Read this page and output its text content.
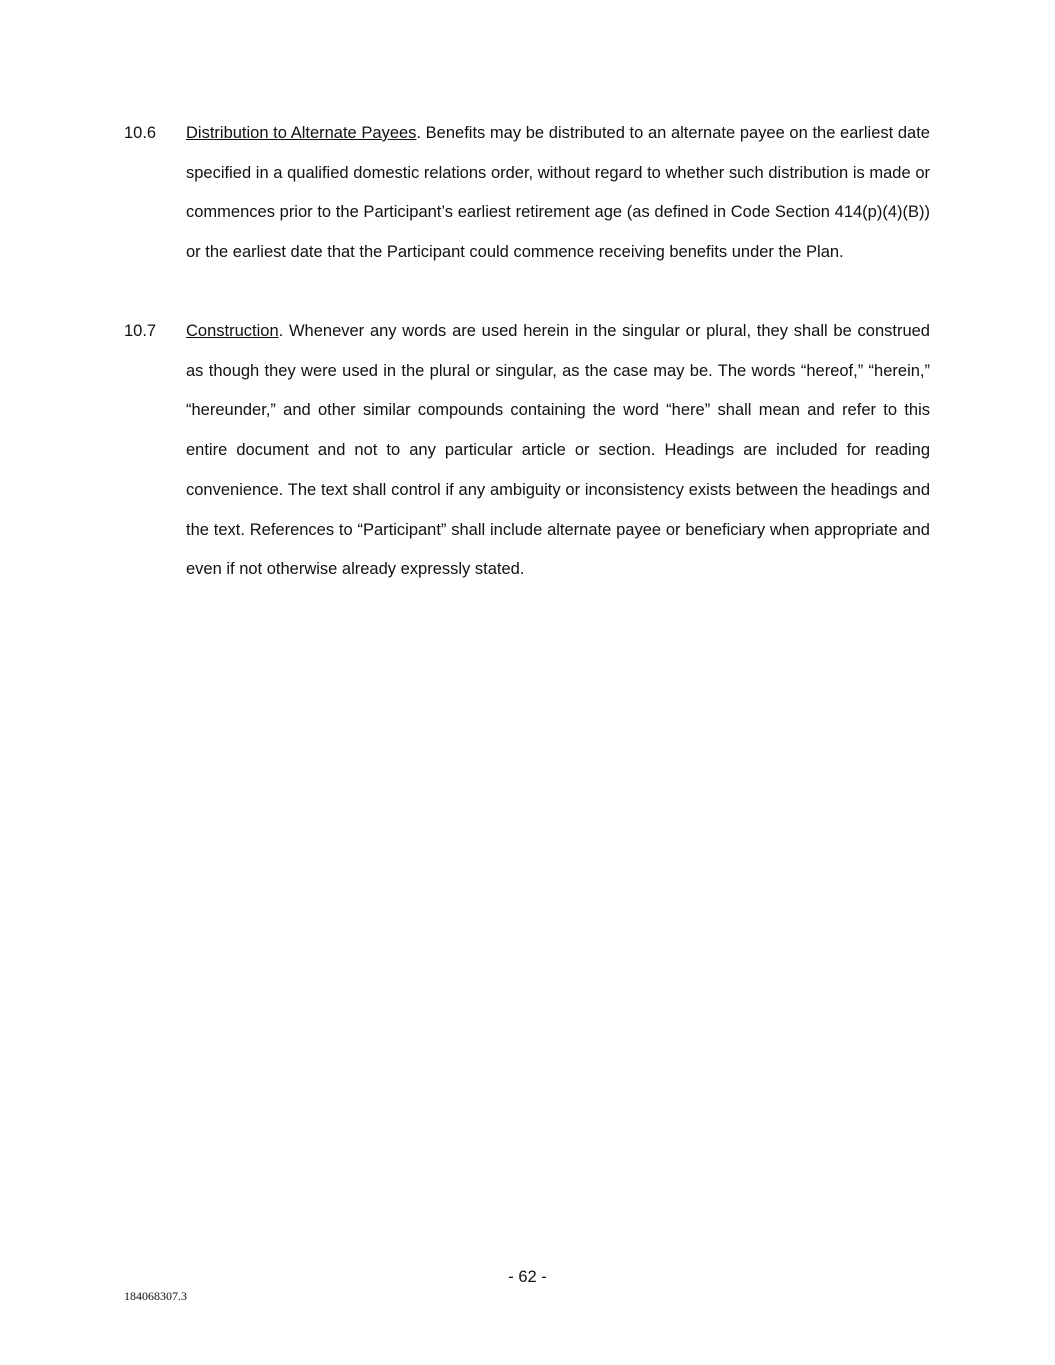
10.6 Distribution to Alternate Payees. Benefits may be distributed to an alternate payee on the earliest date specified in a qualified domestic relations order, without regard to whether such distribution is made or commences prior to the Participant’s earliest retirement age (as defined in Code Section 414(p)(4)(B)) or the earliest date that the Participant could commence receiving benefits under the Plan.
10.7 Construction. Whenever any words are used herein in the singular or plural, they shall be construed as though they were used in the plural or singular, as the case may be. The words “hereof,” “herein,” “hereunder,” and other similar compounds containing the word “here” shall mean and refer to this entire document and not to any particular article or section. Headings are included for reading convenience. The text shall control if any ambiguity or inconsistency exists between the headings and the text. References to “Participant” shall include alternate payee or beneficiary when appropriate and even if not otherwise already expressly stated.
- 62 -
184068307.3
